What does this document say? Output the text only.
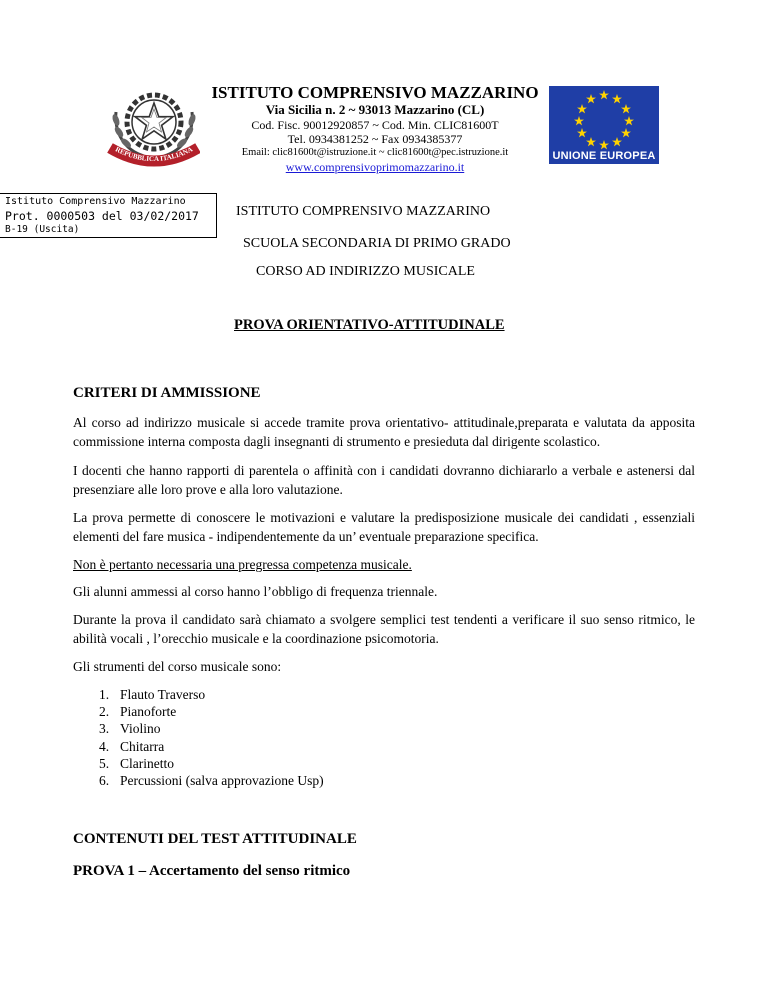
REPUBBLICA ITALIANA
ISTITUTO COMPRENSIVO MAZZARINO
Via Sicilia n. 2 ~ 93013 Mazzarino (CL)
Cod. Fisc. 90012920857 ~ Cod. Min. CLIC81600T
Tel. 0934381252 ~ Fax 0934385377
Email: clic81600t@istruzione.it ~ clic81600t@pec.istruzione.it
www.comprensivoprimomazzarino.it
UNIONE EUROPEA
Istituto Comprensivo Mazzarino
Prot. 0000503 del 03/02/2017
B-19 (Uscita)
ISTITUTO COMPRENSIVO MAZZARINO
SCUOLA SECONDARIA DI PRIMO GRADO
CORSO AD INDIRIZZO MUSICALE
PROVA ORIENTATIVO-ATTITUDINALE
CRITERI DI AMMISSIONE
Al corso ad indirizzo musicale si accede tramite prova orientativo- attitudinale,preparata e valutata da apposita commissione interna composta dagli insegnanti di strumento e presieduta dal dirigente scolastico.
I docenti che hanno rapporti di parentela o affinità con i candidati dovranno dichiararlo a verbale e astenersi dal presenziare alle loro prove e alla loro valutazione.
La prova permette di conoscere le motivazioni e valutare la predisposizione musicale dei candidati , essenziali elementi del fare musica - indipendentemente da un’ eventuale preparazione specifica.
Non è pertanto necessaria una pregressa competenza musicale.
Gli alunni ammessi al corso hanno l’obbligo di frequenza triennale.
Durante la prova il candidato sarà chiamato a svolgere semplici test tendenti a verificare il suo senso ritmico, le abilità vocali , l’orecchio musicale e la coordinazione psicomotoria.
Gli strumenti del corso musicale sono:
1. Flauto Traverso
2. Pianoforte
3. Violino
4. Chitarra
5. Clarinetto
6. Percussioni (salva approvazione Usp)
CONTENUTI DEL TEST ATTITUDINALE
PROVA 1 – Accertamento del senso ritmico
